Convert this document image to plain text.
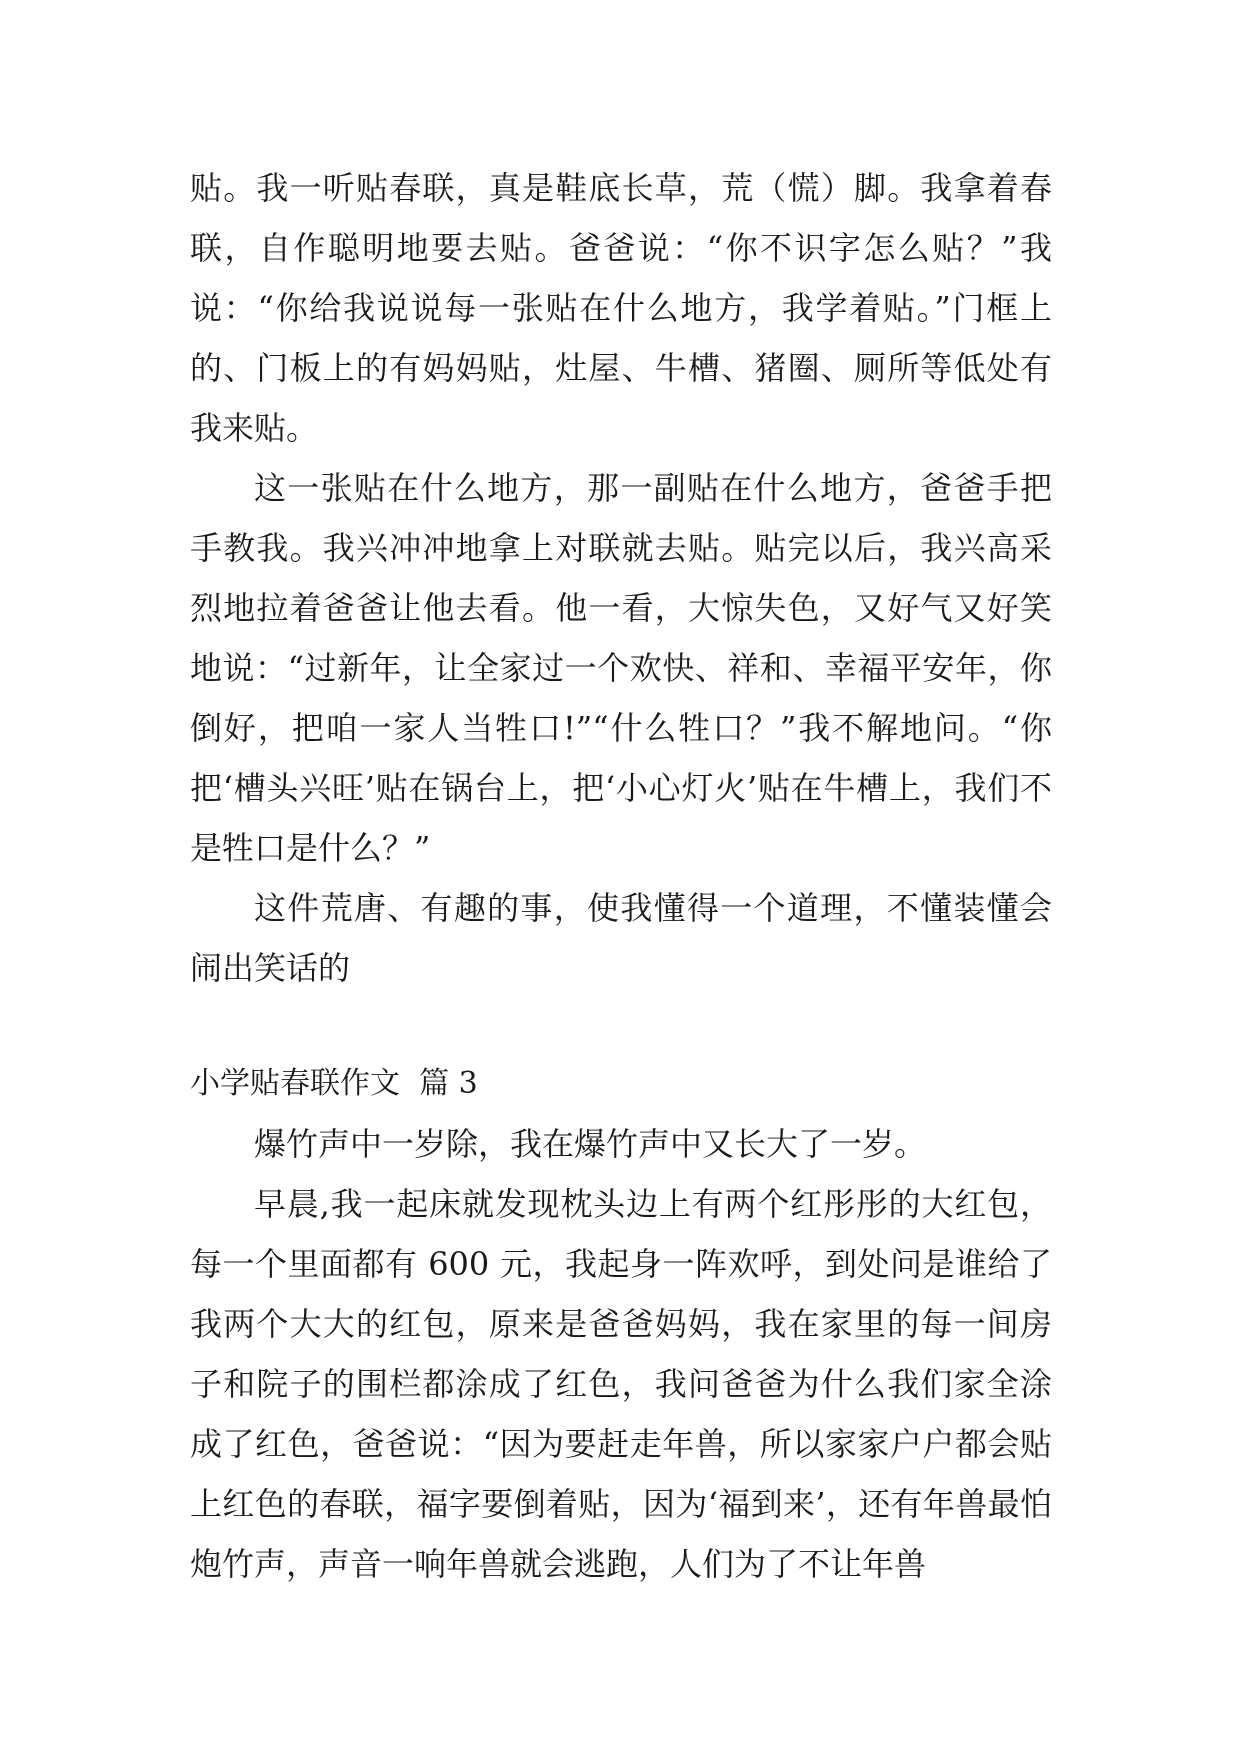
贴。我一听贴春联，真是鞋底长草，荒（慌）脚。我拿着春联，自作聪明地要去贴。爸爸说：“你不识字怎么贴？”我说：“你给我说说每一张贴在什么地方，我学着贴。”门框上的、门板上的有妈妈贴，灶屋、牛槽、猪圈、厕所等低处有我来贴。

这一张贴在什么地方，那一副贴在什么地方，爸爸手把手教我。我兴冲冲地拿上对联就去贴。贴完以后，我兴高采烈地拉着爸爸让他去看。他一看，大惊失色，又好气又好笑地说：“过新年，让全家过一个欢快、祥和、幸福平安年，你倒好，把咱一家人当牲口!”“什么牲口？”我不解地问。“你把‘槽头兴旺’贴在锅台上，把‘小心灯火’贴在牛槽上，我们不是牲口是什么？”

这件荒唐、有趣的事，使我懂得一个道理，不懂装懂会闹出笑话的

小学贴春联作文  篇 3

爆竹声中一岁除，我在爆竹声中又长大了一岁。

早晨,我一起床就发现枕头边上有两个红彤彤的大红包，每一个里面都有 600 元，我起身一阵欢呼，到处问是谁给了我两个大大的红包，原来是爸爸妈妈，我在家里的每一间房子和院子的围栏都涂成了红色，我问爸爸为什么我们家全涂成了红色，爸爸说：“因为要赶走年兽，所以家家户户都会贴上红色的春联，福字要倒着贴，因为‘福到来’，还有年兽最怕炮竹声，声音一响年兽就会逃跑，人们为了不让年兽
